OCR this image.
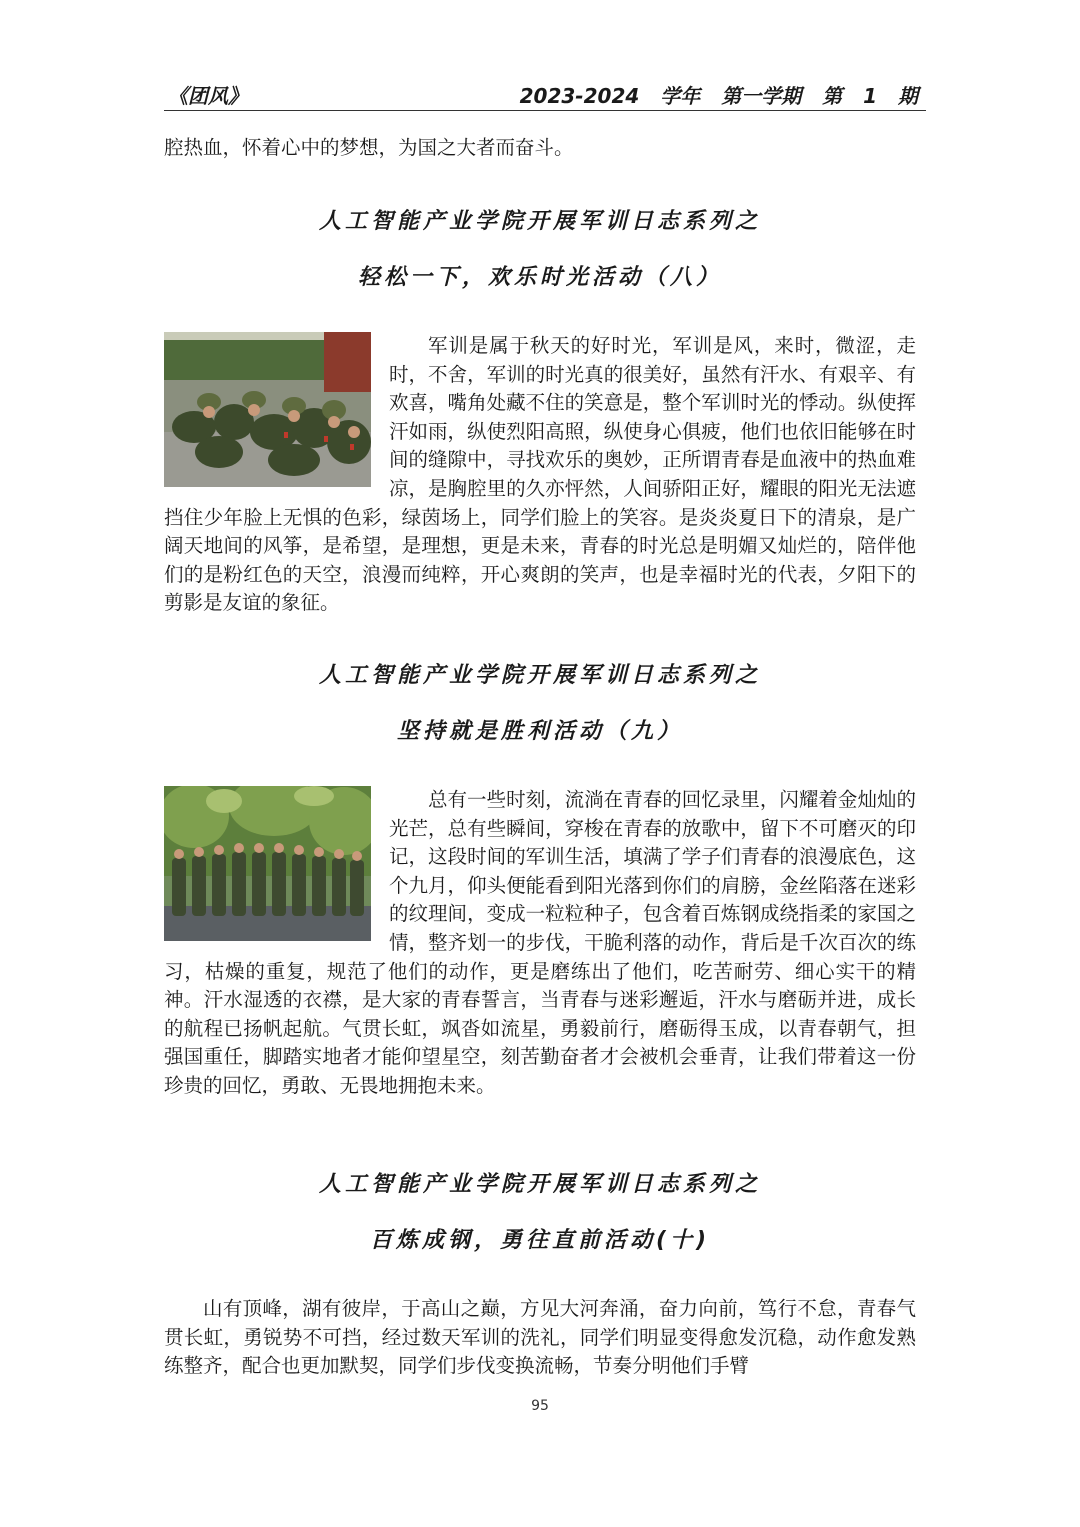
《团风》	2023-2024 学年 第一学期 第 1 期

腔热血，怀着心中的梦想，为国之大者而奋斗。

人工智能产业学院开展军训日志系列之

轻松一下，欢乐时光活动（八）

军训是属于秋天的好时光，军训是风，来时，微涩，走时，不舍，军训的时光真的很美好，虽然有汗水、有艰辛、有欢喜，嘴角处藏不住的笑意是，整个军训时光的悸动。纵使挥汗如雨，纵使烈阳高照，纵使身心俱疲，他们也依旧能够在时间的缝隙中，寻找欢乐的奥妙，正所谓青春是血液中的热血难凉，是胸腔里的久亦怦然，人间骄阳正好，耀眼的阳光无法遮挡住少年脸上无惧的色彩，绿茵场上，同学们脸上的笑容。是炎炎夏日下的清泉，是广阔天地间的风筝，是希望，是理想，更是未来，青春的时光总是明媚又灿烂的，陪伴他们的是粉红色的天空，浪漫而纯粹，开心爽朗的笑声，也是幸福时光的代表，夕阳下的剪影是友谊的象征。

人工智能产业学院开展军训日志系列之

坚持就是胜利活动（九）

总有一些时刻，流淌在青春的回忆录里，闪耀着金灿灿的光芒，总有些瞬间，穿梭在青春的放歌中，留下不可磨灭的印记，这段时间的军训生活，填满了学子们青春的浪漫底色，这个九月，仰头便能看到阳光落到你们的肩膀，金丝陷落在迷彩的纹理间，变成一粒粒种子，包含着百炼钢成绕指柔的家国之情，整齐划一的步伐，干脆利落的动作，背后是千次百次的练习，枯燥的重复，规范了他们的动作，更是磨练出了他们，吃苦耐劳、细心实干的精神。汗水湿透的衣襟，是大家的青春誓言，当青春与迷彩邂逅，汗水与磨砺并进，成长的航程已扬帆起航。气贯长虹，飒沓如流星，勇毅前行，磨砺得玉成，以青春朝气，担强国重任，脚踏实地者才能仰望星空，刻苦勤奋者才会被机会垂青，让我们带着这一份珍贵的回忆，勇敢、无畏地拥抱未来。

人工智能产业学院开展军训日志系列之

百炼成钢，勇往直前活动(十)

山有顶峰，湖有彼岸，于高山之巅，方见大河奔涌，奋力向前，笃行不怠，青春气贯长虹，勇锐势不可挡，经过数天军训的洗礼，同学们明显变得愈发沉稳，动作愈发熟练整齐，配合也更加默契，同学们步伐变换流畅，节奏分明他们手臂

95
